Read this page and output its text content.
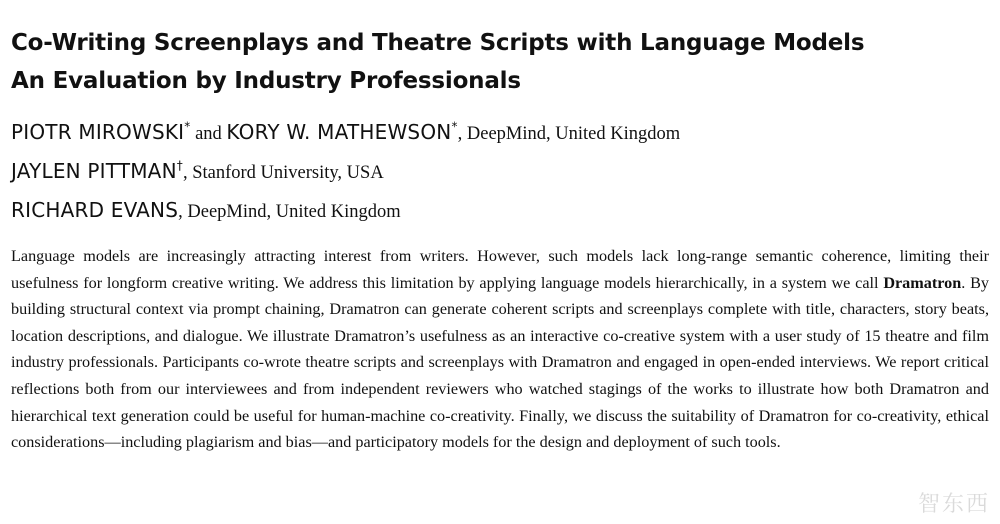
Co-Writing Screenplays and Theatre Scripts with Language Models
An Evaluation by Industry Professionals
PIOTR MIROWSKI* and KORY W. MATHEWSON*, DeepMind, United Kingdom
JAYLEN PITTMAN†, Stanford University, USA
RICHARD EVANS, DeepMind, United Kingdom

Language models are increasingly attracting interest from writers. However, such models lack long-range semantic coherence, limiting their usefulness for longform creative writing. We address this limitation by applying language models hierarchically, in a system we call Dramatron. By building structural context via prompt chaining, Dramatron can generate coherent scripts and screenplays complete with title, characters, story beats, location descriptions, and dialogue. We illustrate Dramatron’s usefulness as an interactive co-creative system with a user study of 15 theatre and film industry professionals. Participants co-wrote theatre scripts and screenplays with Dramatron and engaged in open-ended interviews. We report critical reflections both from our interviewees and from independent reviewers who watched stagings of the works to illustrate how both Dramatron and hierarchical text generation could be useful for human-machine co-creativity. Finally, we discuss the suitability of Dramatron for co-creativity, ethical considerations—including plagiarism and bias—and participatory models for the design and deployment of such tools.

智东西
